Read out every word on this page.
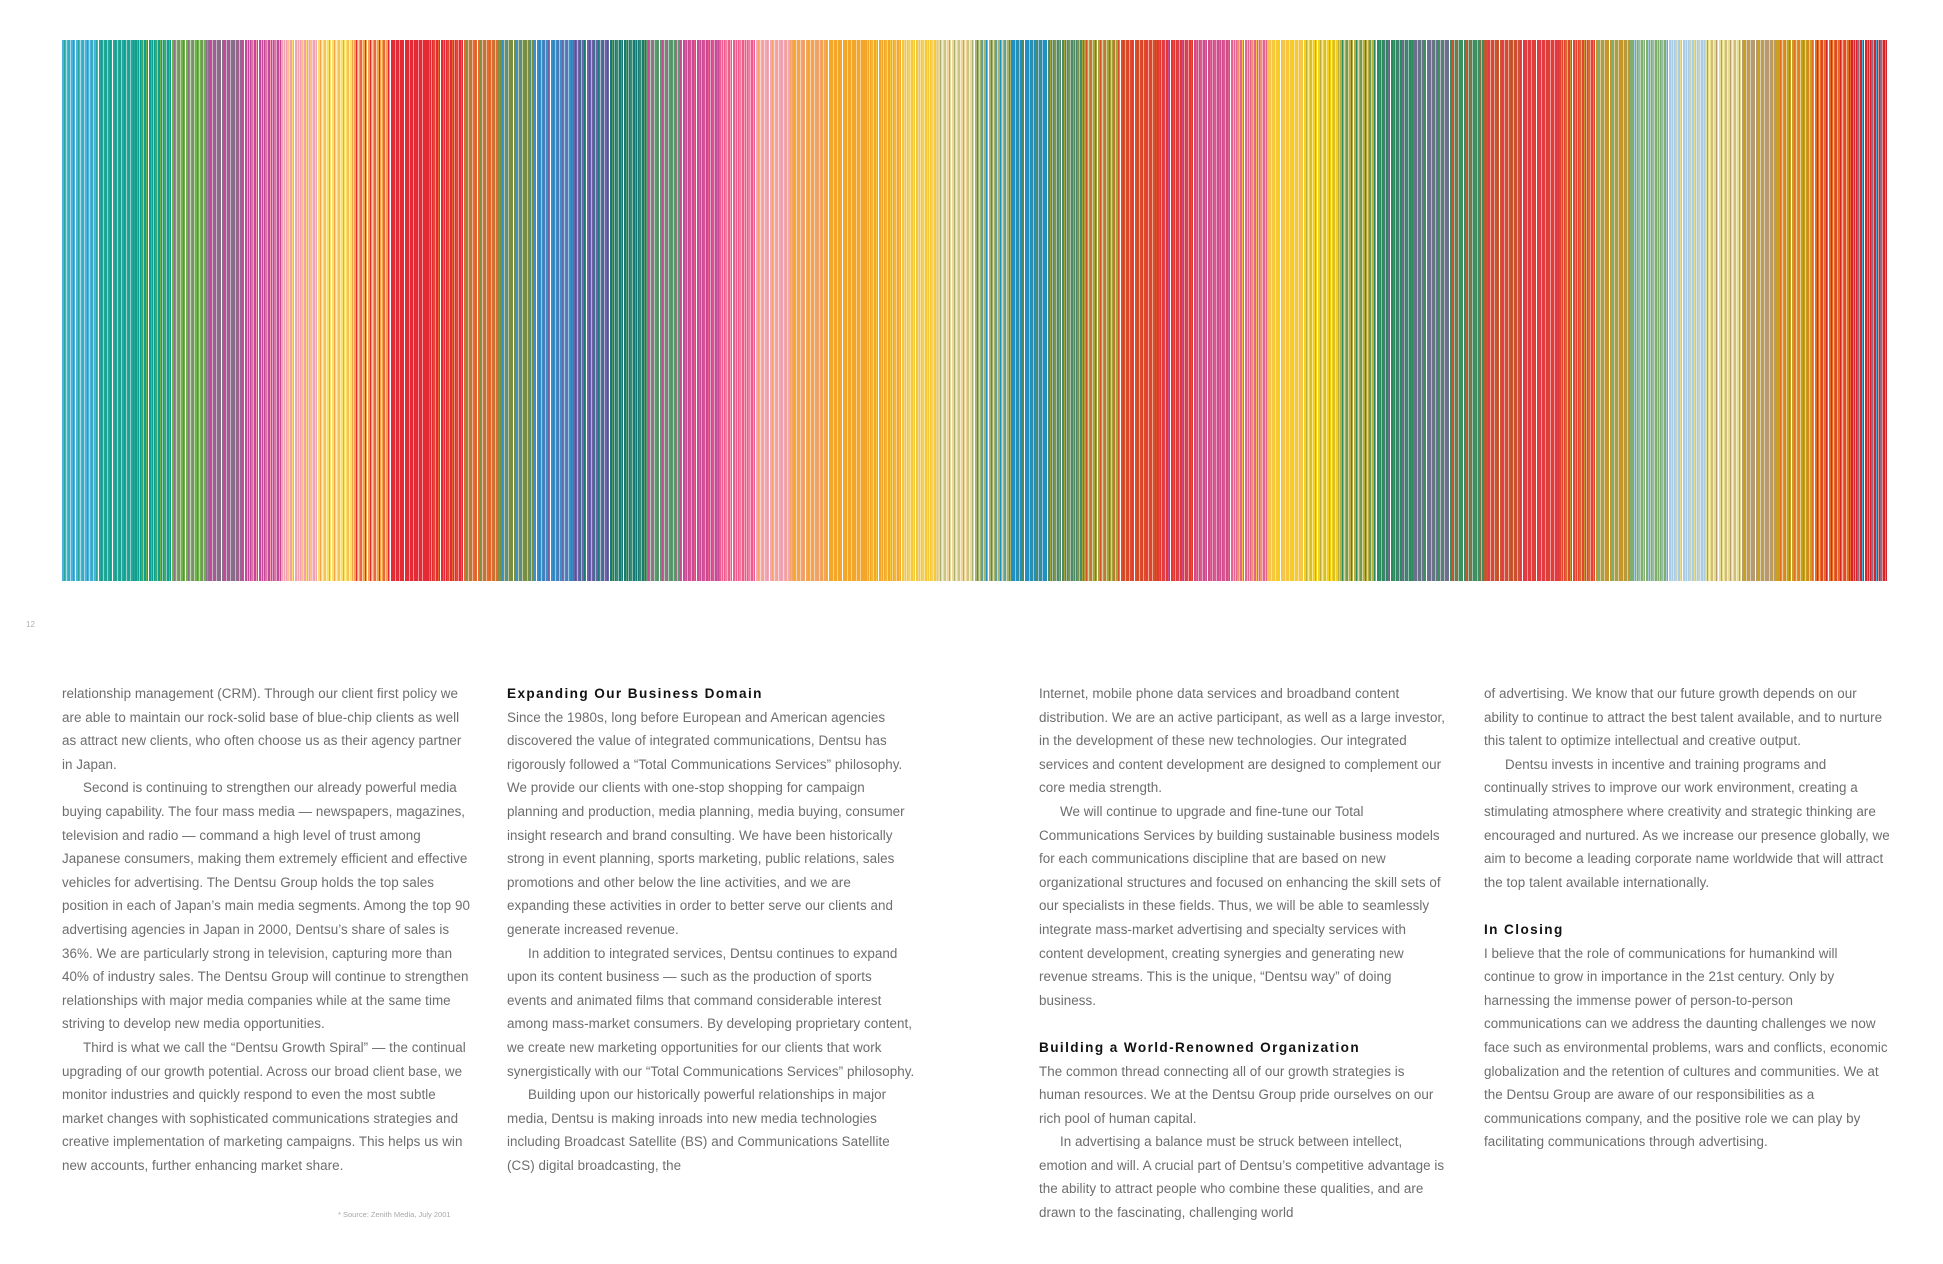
12

relationship management (CRM). Through our client first policy we are able to maintain our rock-solid base of blue-chip clients as well as attract new clients, who often choose us as their agency partner in Japan.

Second is continuing to strengthen our already powerful media buying capability. The four mass media — newspapers, magazines, television and radio — command a high level of trust among Japanese consumers, making them extremely efficient and effective vehicles for advertising. The Dentsu Group holds the top sales position in each of Japan’s main media segments. Among the top 90 advertising agencies in Japan in 2000, Dentsu’s share of sales is 36%. We are particularly strong in television, capturing more than 40% of industry sales. The Dentsu Group will continue to strengthen relationships with major media companies while at the same time striving to develop new media opportunities.

Third is what we call the “Dentsu Growth Spiral” — the continual upgrading of our growth potential. Across our broad client base, we monitor industries and quickly respond to even the most subtle market changes with sophisticated communications strategies and creative implementation of marketing campaigns. This helps us win new accounts, further enhancing market share.

Expanding Our Business Domain

Since the 1980s, long before European and American agencies discovered the value of integrated communications, Dentsu has rigorously followed a “Total Communications Services” philosophy. We provide our clients with one-stop shopping for campaign planning and production, media planning, media buying, consumer insight research and brand consulting. We have been historically strong in event planning, sports marketing, public relations, sales promotions and other below the line activities, and we are expanding these activities in order to better serve our clients and generate increased revenue.

In addition to integrated services, Dentsu continues to expand upon its content business — such as the production of sports events and animated films that command considerable interest among mass-market consumers. By developing proprietary content, we create new marketing opportunities for our clients that work synergistically with our “Total Communications Services” philosophy.

Building upon our historically powerful relationships in major media, Dentsu is making inroads into new media technologies including Broadcast Satellite (BS) and Communications Satellite (CS) digital broadcasting, the

Internet, mobile phone data services and broadband content distribution. We are an active participant, as well as a large investor, in the development of these new technologies. Our integrated services and content development are designed to complement our core media strength.

We will continue to upgrade and fine-tune our Total Communications Services by building sustainable business models for each communications discipline that are based on new organizational structures and focused on enhancing the skill sets of our specialists in these fields. Thus, we will be able to seamlessly integrate mass-market advertising and specialty services with content development, creating synergies and generating new revenue streams. This is the unique, “Dentsu way” of doing business.

Building a World-Renowned Organization

The common thread connecting all of our growth strategies is human resources. We at the Dentsu Group pride ourselves on our rich pool of human capital.

In advertising a balance must be struck between intellect, emotion and will. A crucial part of Dentsu’s competitive advantage is the ability to attract people who combine these qualities, and are drawn to the fascinating, challenging world

of advertising. We know that our future growth depends on our ability to continue to attract the best talent available, and to nurture this talent to optimize intellectual and creative output.

Dentsu invests in incentive and training programs and continually strives to improve our work environment, creating a stimulating atmosphere where creativity and strategic thinking are encouraged and nurtured. As we increase our presence globally, we aim to become a leading corporate name worldwide that will attract the top talent available internationally.

In Closing

I believe that the role of communications for humankind will continue to grow in importance in the 21st century. Only by harnessing the immense power of person-to-person communications can we address the daunting challenges we now face such as environmental problems, wars and conflicts, economic globalization and the retention of cultures and communities. We at the Dentsu Group are aware of our responsibilities as a communications company, and the positive role we can play by facilitating communications through advertising.

* Source: Zenith Media, July 2001
